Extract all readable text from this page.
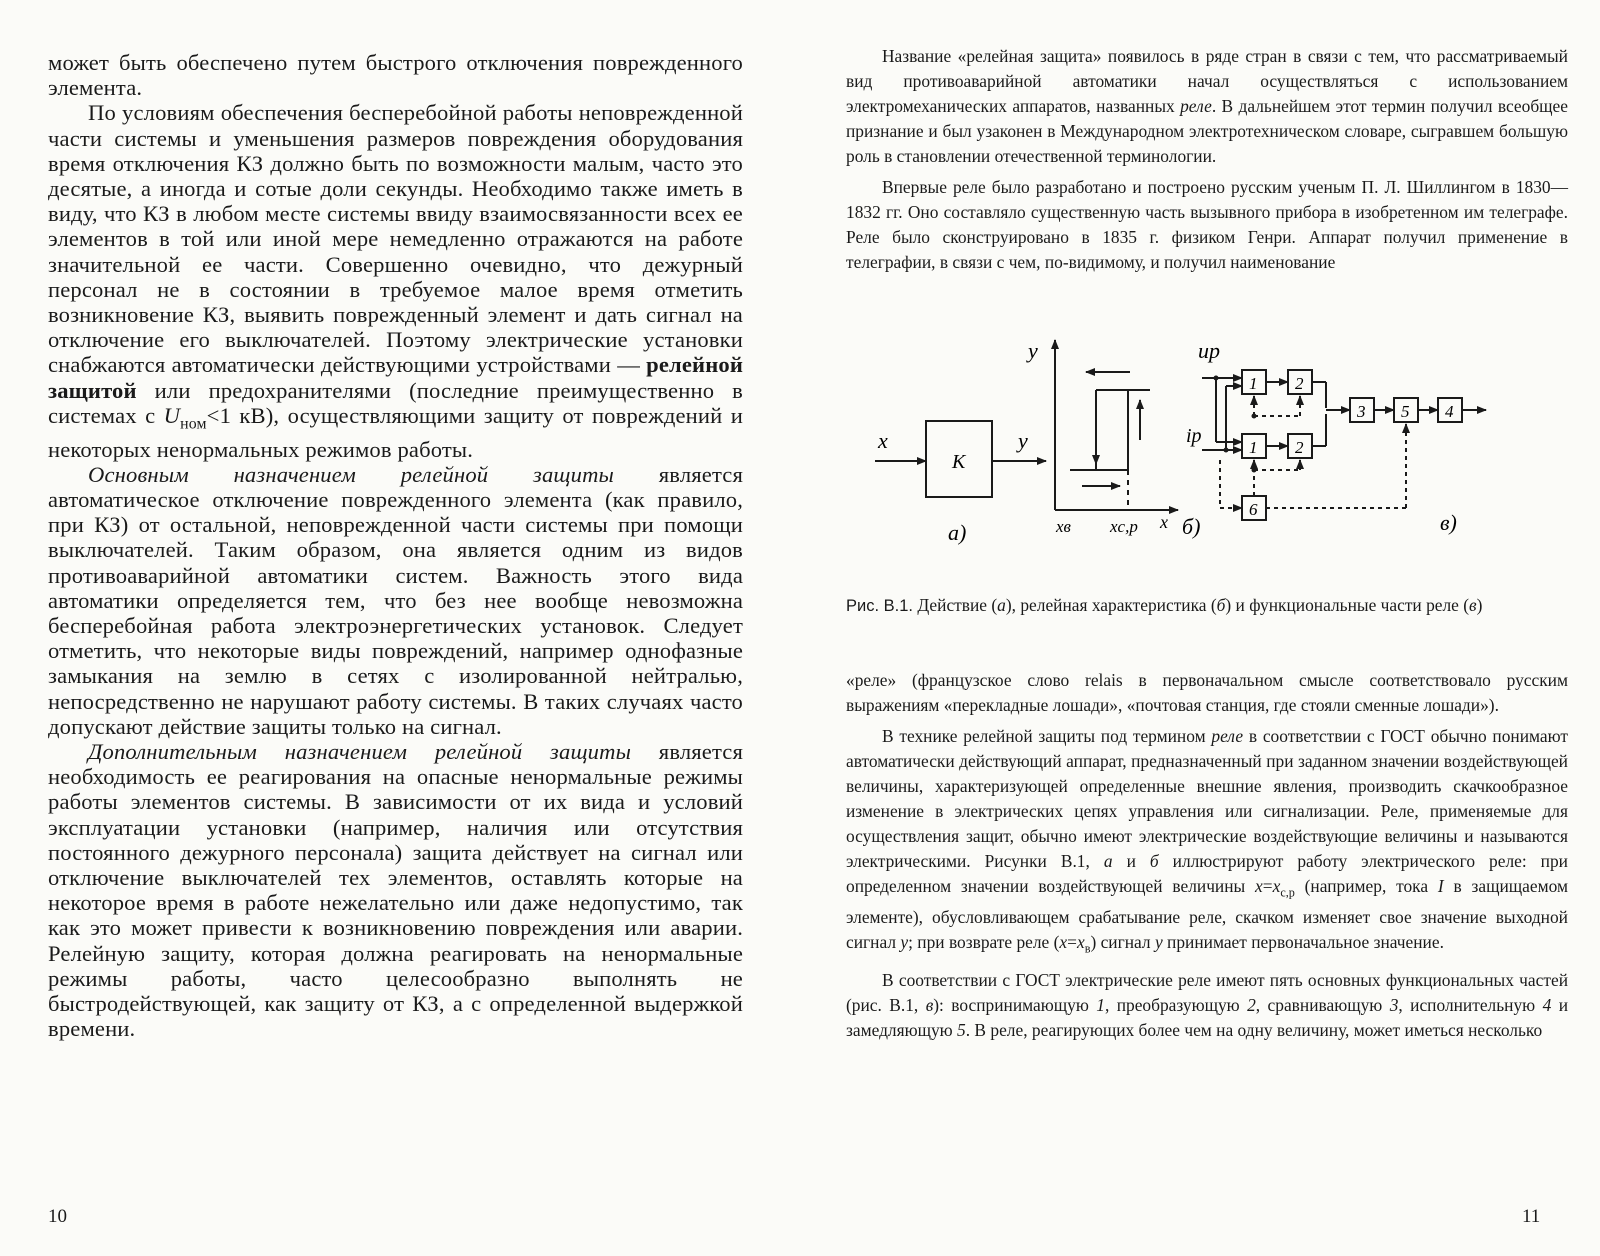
может быть обеспечено путем быстрого отключения поврежденного элемента.

По условиям обеспечения бесперебойной работы неповрежденной части системы и уменьшения размеров повреждения оборудования время отключения КЗ должно быть по возможности малым, часто это десятые, а иногда и сотые доли секунды. Необходимо также иметь в виду, что КЗ в любом месте системы ввиду взаимосвязанности всех ее элементов в той или иной мере немедленно отражаются на работе значительной ее части. Совершенно очевидно, что дежурный персонал не в состоянии в требуемое малое время отметить возникновение КЗ, выявить поврежденный элемент и дать сигнал на отключение его выключателей. Поэтому электрические установки снабжаются автоматически действующими устройствами — релейной защитой или предохранителями (последние преимущественно в системах с $U_{ном}<1$ кВ), осуществляющими защиту от повреждений и некоторых ненормальных режимов работы.

Основным назначением релейной защиты является автоматическое отключение поврежденного элемента (как правило, при КЗ) от остальной, неповрежденной части системы при помощи выключателей. Таким образом, она является одним из видов противоаварийной автоматики систем. Важность этого вида автоматики определяется тем, что без нее вообще невозможна бесперебойная работа электроэнергетических установок. Следует отметить, что некоторые виды повреждений, например однофазные замыкания на землю в сетях с изолированной нейтралью, непосредственно не нарушают работу системы. В таких случаях часто допускают действие защиты только на сигнал.

Дополнительным назначением релейной защиты является необходимость ее реагирования на опасные ненормальные режимы работы элементов системы. В зависимости от их вида и условий эксплуатации установки (например, наличия или отсутствия постоянного дежурного персонала) защита действует на сигнал или отключение выключателей тех элементов, оставлять которые на некоторое время в работе нежелательно или даже недопустимо, так как это может привести к возникновению повреждения или аварии. Релейную защиту, которая должна реагировать на ненормальные режимы работы, часто целесообразно выполнять не быстродействующей, как защиту от КЗ, а с определенной выдержкой времени.

10

Название «релейная защита» появилось в ряде стран в связи с тем, что рассматриваемый вид противоаварийной автоматики начал осуществляться с использованием электромеханических аппаратов, названных реле. В дальнейшем этот термин получил всеобщее признание и был узаконен в Международном электротехническом словаре, сыгравшем большую роль в становлении отечественной терминологии.

Впервые реле было разработано и построено русским ученым П. Л. Шиллингом в 1830—1832 гг. Оно составляло существенную часть вызывного прибора в изобретенном им телеграфе. Реле было сконструировано в 1835 г. физиком Генри. Аппарат получил применение в телеграфии, в связи с чем, по-видимому, и получил наименование

x
K
y
а)
y
x
xв xс,р б)
uр
iр
1 2
1 2
3 5 4
6
в)
Рис. В.1. Действие (а), релейная характеристика (б) и функциональные части реле (в)

«реле» (французское слово relais в первоначальном смысле соответствовало русским выражениям «перекладные лошади», «почтовая станция, где стояли сменные лошади»).

В технике релейной защиты под термином реле в соответствии с ГОСТ обычно понимают автоматически действующий аппарат, предназначенный при заданном значении воздействующей величины, характеризующей определенные внешние явления, производить скачкообразное изменение в электрических цепях управления или сигнализации. Реле, применяемые для осуществления защит, обычно имеют электрические воздействующие величины и называются электрическими. Рисунки В.1, а и б иллюстрируют работу электрического реле: при определенном значении воздействующей величины $x=x_{с,р}$ (например, тока I в защищаемом элементе), обусловливающем срабатывание реле, скачком изменяет свое значение выходной сигнал y; при возврате реле $(x=x_в)$ сигнал y принимает первоначальное значение.

В соответствии с ГОСТ электрические реле имеют пять основных функциональных частей (рис. В.1, в): воспринимающую 1, преобразующую 2, сравнивающую 3, исполнительную 4 и замедляющую 5. В реле, реагирующих более чем на одну величину, может иметься несколько

11
